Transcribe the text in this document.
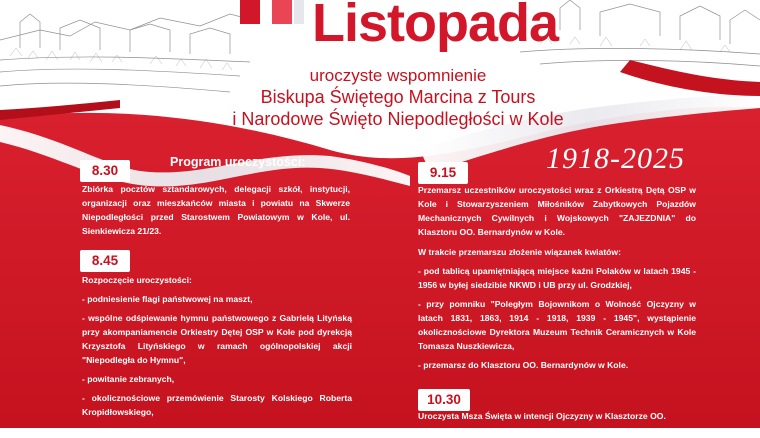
Listopada
uroczyste wspomnienie
Biskupa Świętego Marcina z Tours
i Narodowe Święto Niepodległości w Kole
1918-2025
Program uroczystości:
8.30

Zbiórka pocztów sztandarowych, delegacji szkół, instytucji, organizacji oraz mieszkańców miasta i powiatu na Skwerze Niepodległości przed Starostwem Powiatowym w Kole, ul. Sienkiewicza 21/23.

8.45

Rozpoczęcie uroczystości:

- podniesienie flagi państwowej na maszt,

- wspólne odśpiewanie hymnu państwowego z Gabrielą Lityńską przy akompaniamencie Orkiestry Dętej OSP w Kole pod dyrekcją Krzysztofa Lityńskiego w ramach ogólnopolskiej akcji "Niepodległa do Hymnu",

- powitanie zebranych,

- okolicznościowe przemówienie Starosty Kolskiego Roberta Kropidłowskiego,

- złożenie wiązanek kwiatów pod tablicą "Poległym

9.15

Przemarsz uczestników uroczystości wraz z Orkiestrą Dętą OSP w Kole i Stowarzyszeniem Miłośników Zabytkowych Pojazdów Mechanicznych Cywilnych i Wojskowych "ZAJEZDNIA" do Klasztoru OO. Bernardynów w Kole.

W trakcie przemarszu złożenie wiązanek kwiatów:

- pod tablicą upamiętniającą miejsce kaźni Polaków w latach 1945 - 1956 w byłej siedzibie NKWD i UB przy ul. Grodzkiej,

- przy pomniku "Poległym Bojownikom o Wolność Ojczyzny w latach 1831, 1863, 1914 - 1918, 1939 - 1945", wystąpienie okolicznościowe Dyrektora Muzeum Technik Ceramicznych w Kole Tomasza Nuszkiewicza,

- przemarsz do Klasztoru OO. Bernardynów w Kole.

10.30

Uroczysta Msza Święta w intencji Ojczyzny w Klasztorze OO.
